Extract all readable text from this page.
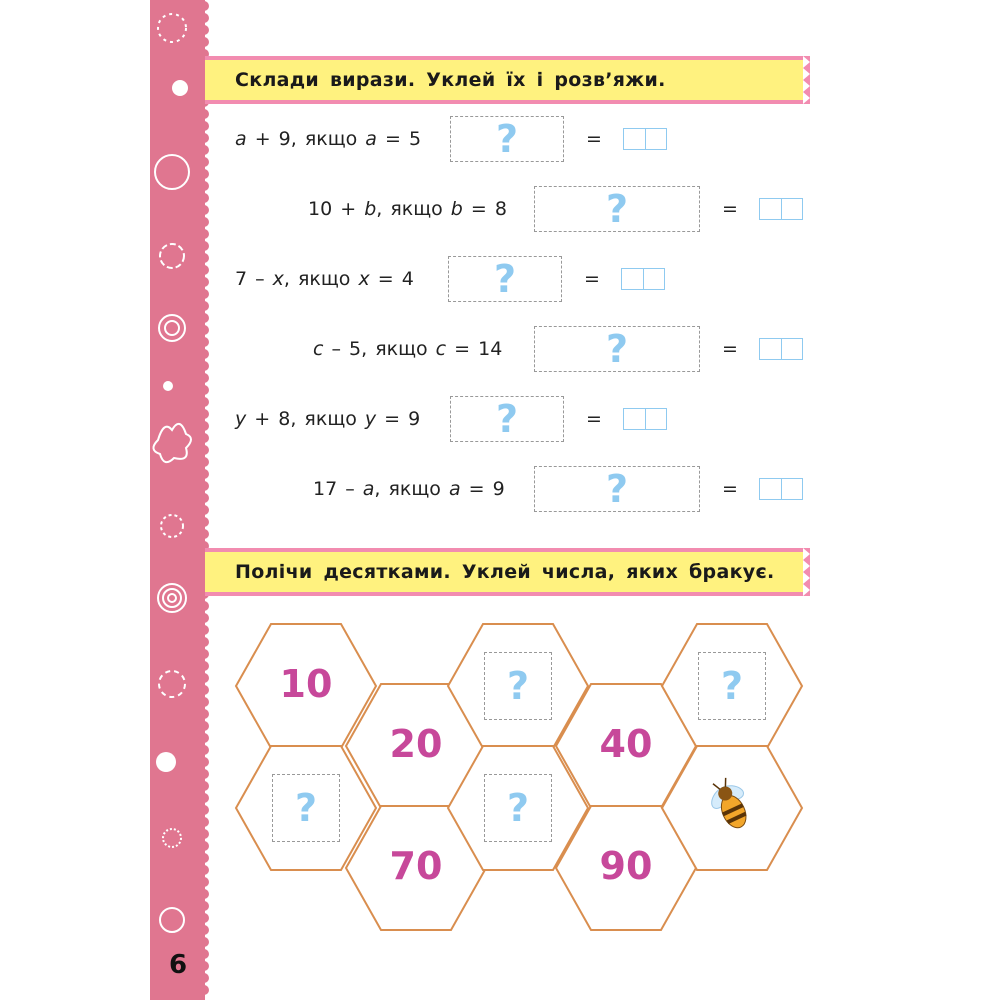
6
Склади вирази. Уклей їх і розв’яжи.
a + 9, якщо a = 5	?	=
10 + b, якщо b = 8	?	=
7 – x, якщо x = 4	?	=
c – 5, якщо c = 14	?	=
y + 8, якщо y = 9	?	=
17 – a, якщо a = 9	?	=
Полічи десятками. Уклей числа, яких бракує.
10
20
?
40
?
?
70
?
90
